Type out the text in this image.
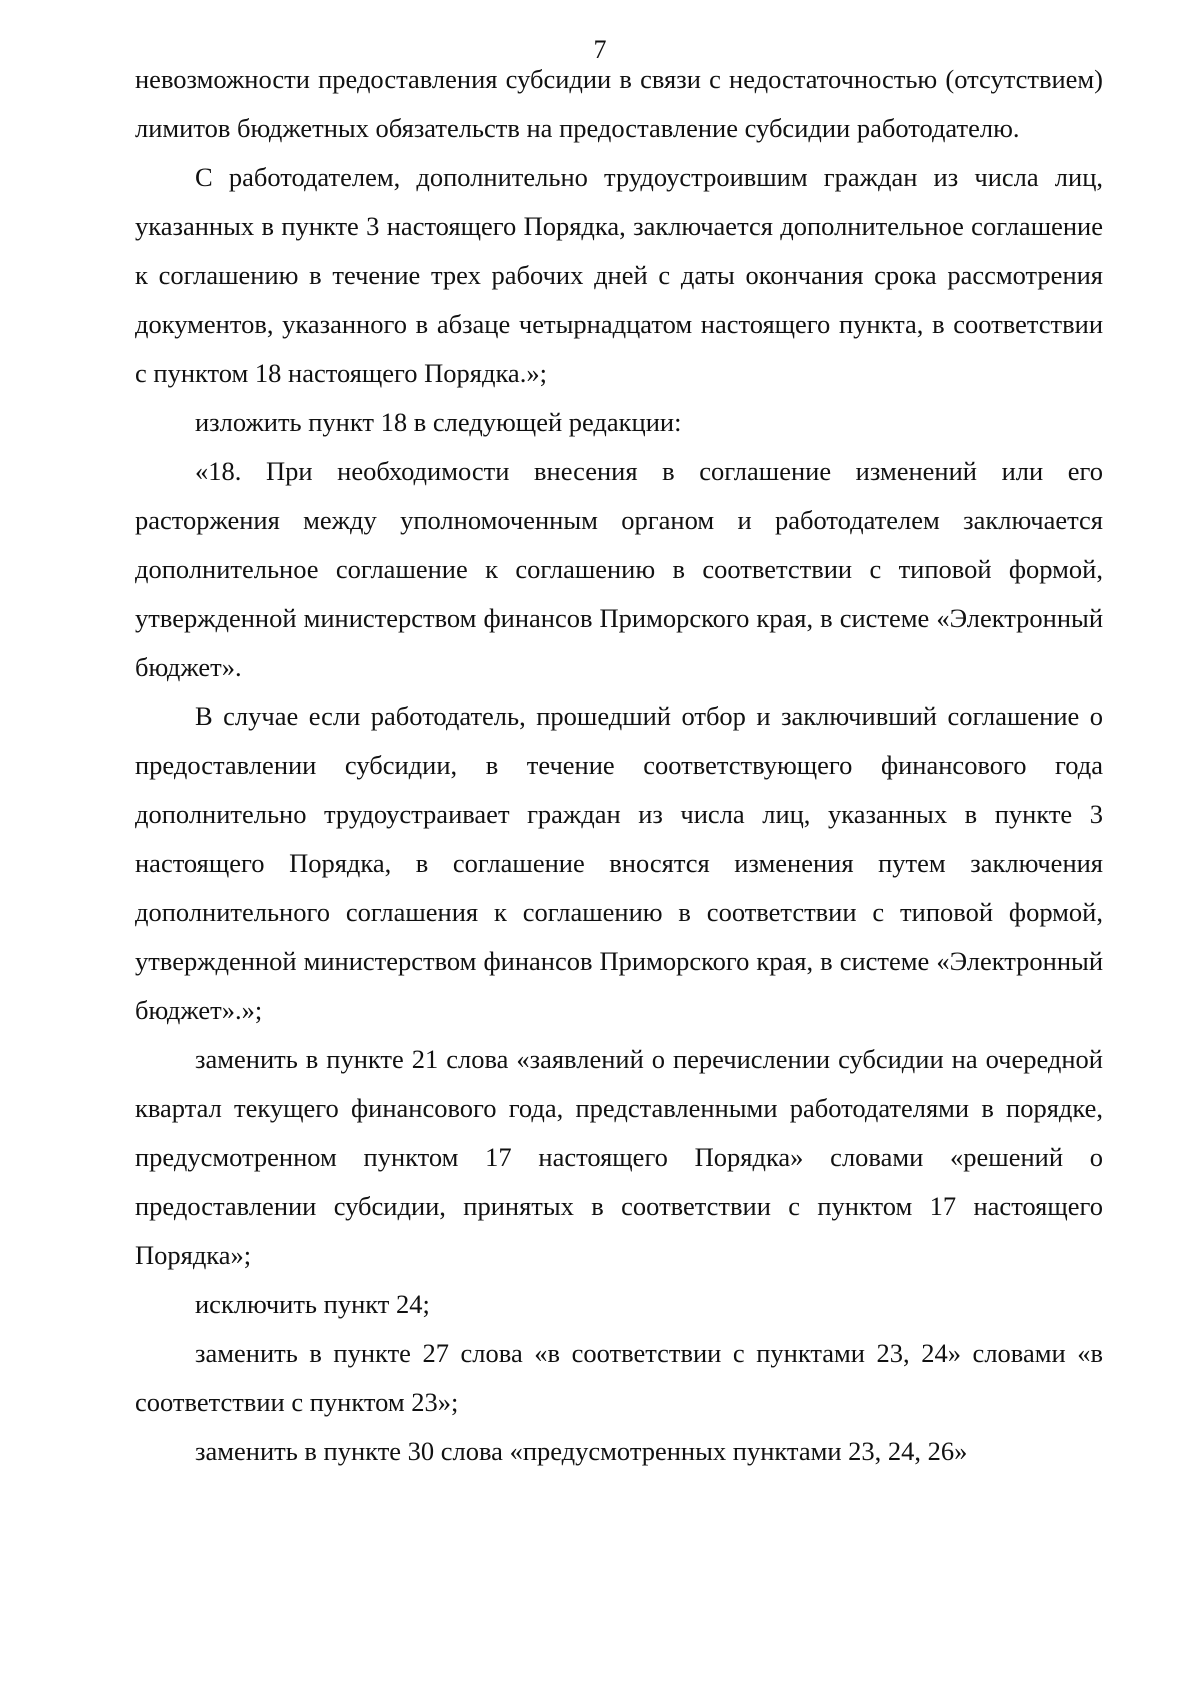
7

невозможности предоставления субсидии в связи с недостаточностью (отсутствием) лимитов бюджетных обязательств на предоставление субсидии работодателю.

С работодателем, дополнительно трудоустроившим граждан из числа лиц, указанных в пункте 3 настоящего Порядка, заключается дополнительное соглашение к соглашению в течение трех рабочих дней с даты окончания срока рассмотрения документов, указанного в абзаце четырнадцатом настоящего пункта, в соответствии с пунктом 18 настоящего Порядка.»;

изложить пункт 18 в следующей редакции:

«18. При необходимости внесения в соглашение изменений или его расторжения между уполномоченным органом и работодателем заключается дополнительное соглашение к соглашению в соответствии с типовой формой, утвержденной министерством финансов Приморского края, в системе «Электронный бюджет».

В случае если работодатель, прошедший отбор и заключивший соглашение о предоставлении субсидии, в течение соответствующего финансового года дополнительно трудоустраивает граждан из числа лиц, указанных в пункте 3 настоящего Порядка, в соглашение вносятся изменения путем заключения дополнительного соглашения к соглашению в соответствии с типовой формой, утвержденной министерством финансов Приморского края, в системе «Электронный бюджет».»;

заменить в пункте 21 слова «заявлений о перечислении субсидии на очередной квартал текущего финансового года, представленными работодателями в порядке, предусмотренном пунктом 17 настоящего Порядка» словами «решений о предоставлении субсидии, принятых в соответствии с пунктом 17 настоящего Порядка»;

исключить пункт 24;

заменить в пункте 27 слова «в соответствии с пунктами 23, 24» словами «в соответствии с пунктом 23»;

заменить в пункте 30 слова «предусмотренных пунктами 23, 24, 26»
